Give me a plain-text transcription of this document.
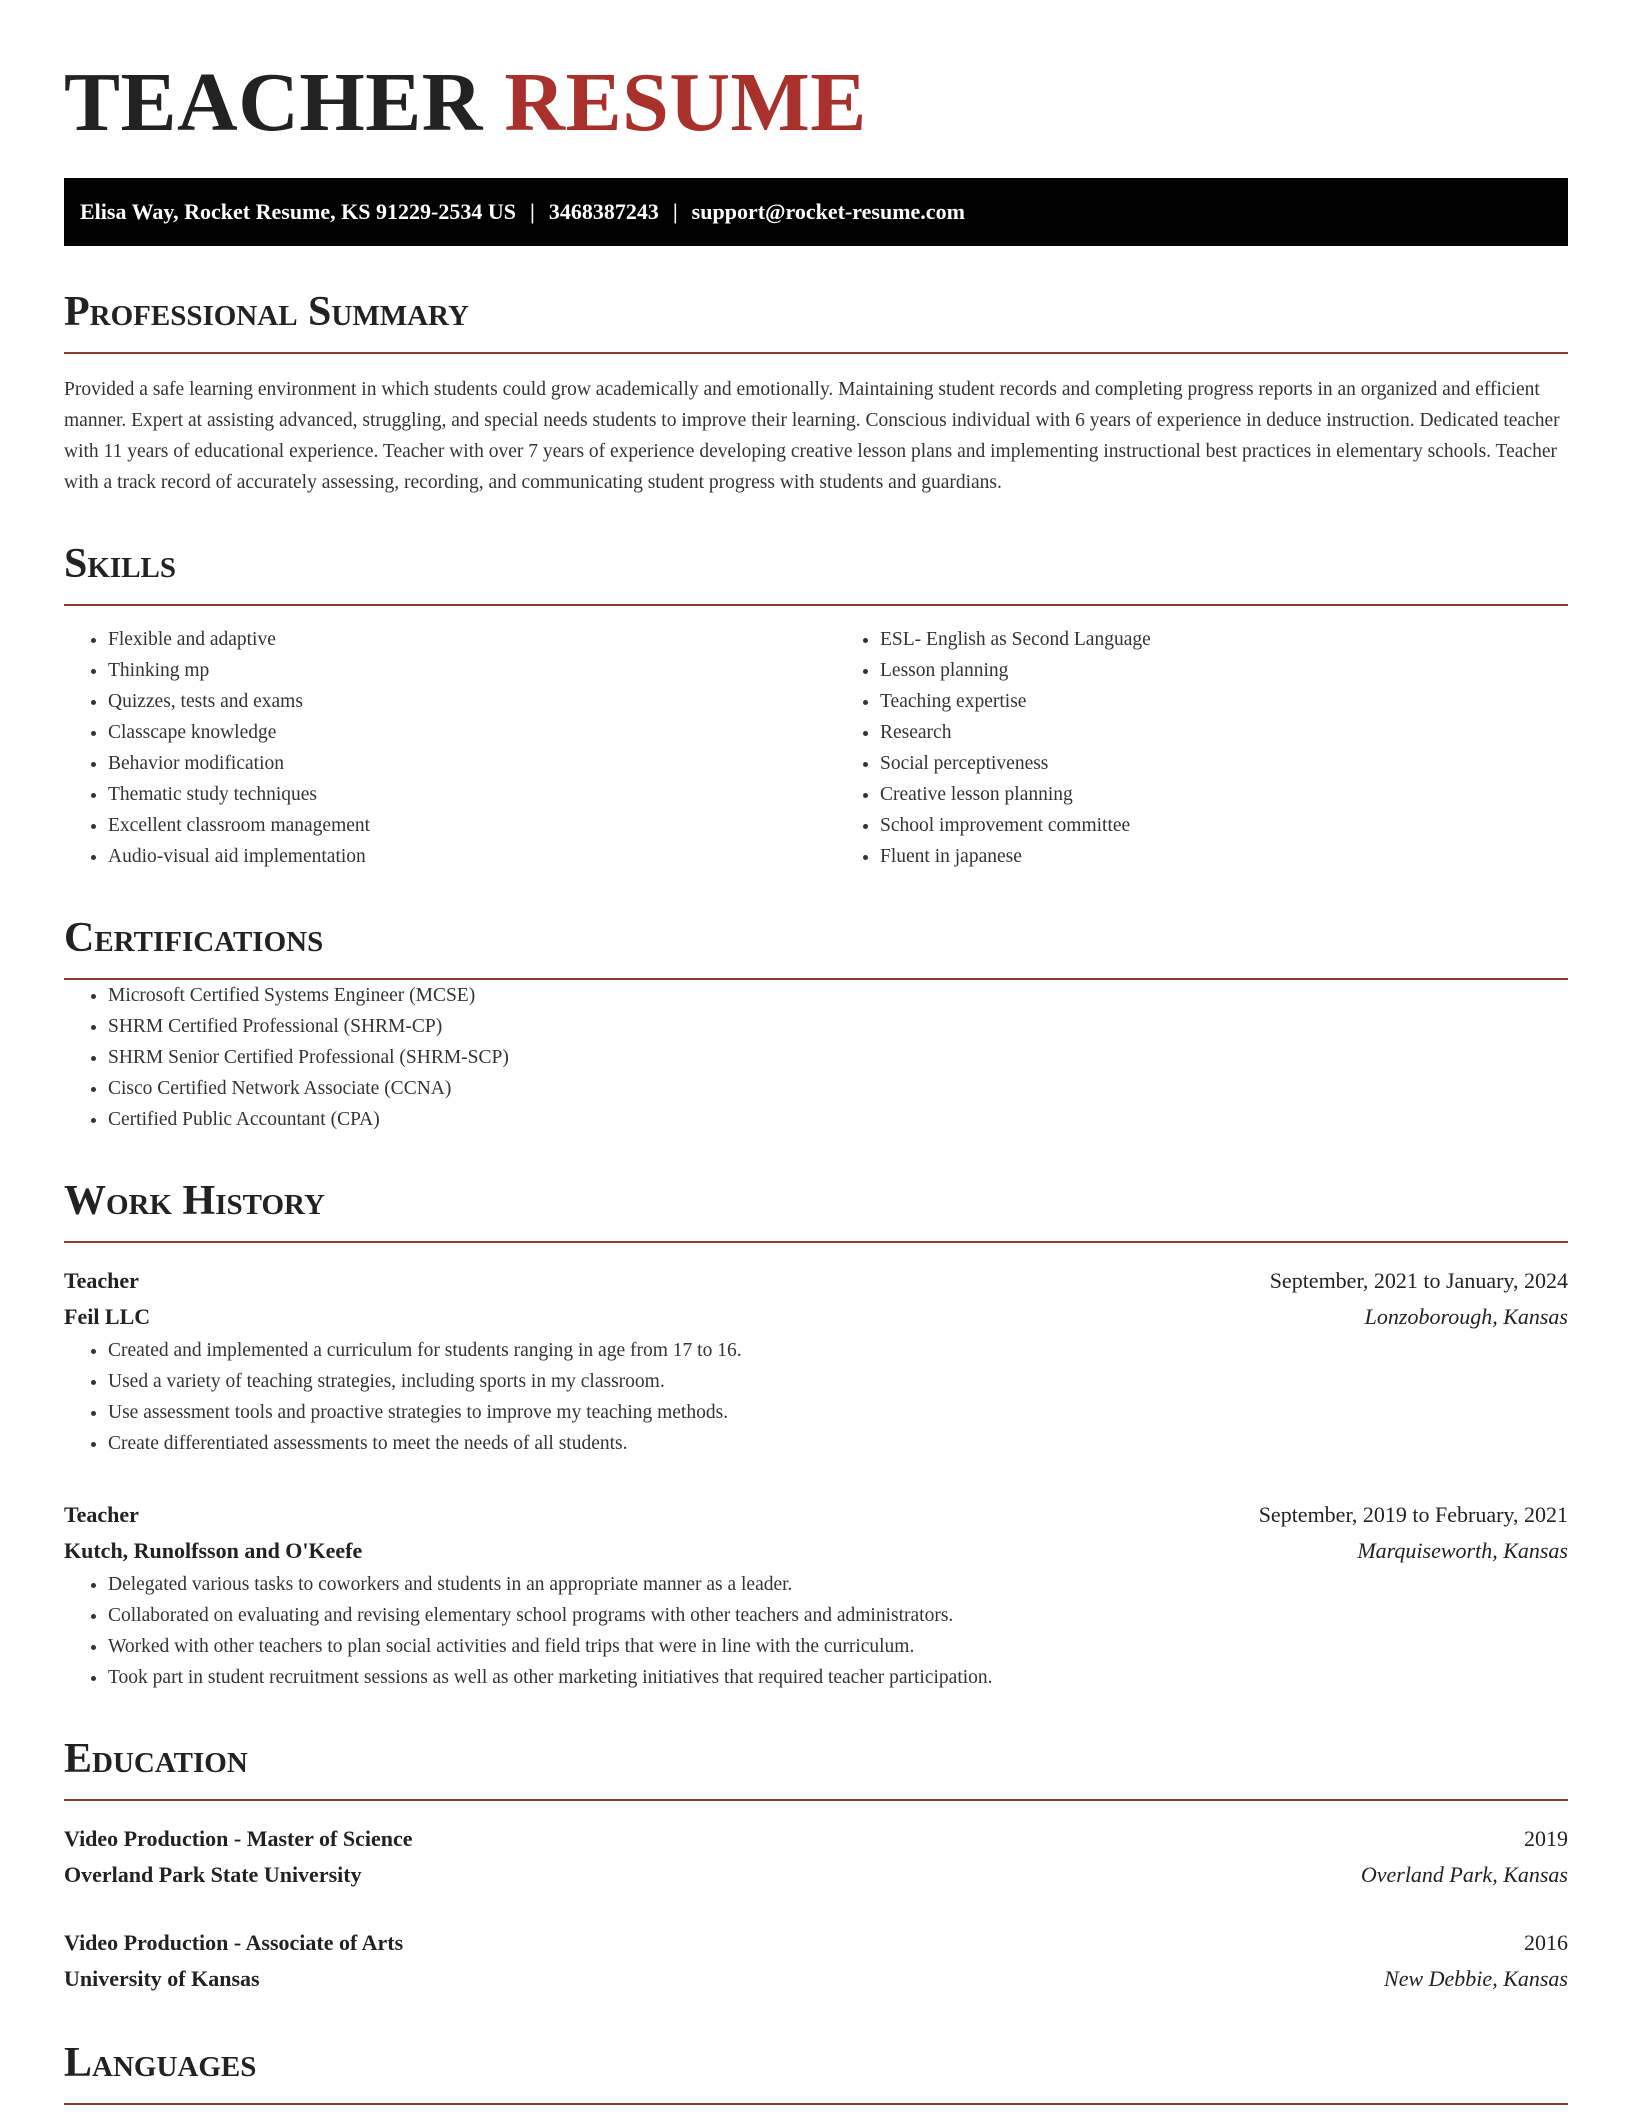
TEACHER RESUME
Elisa Way, Rocket Resume, KS 91229-2534 US | 3468387243 | support@rocket-resume.com
Professional Summary

Provided a safe learning environment in which students could grow academically and emotionally. Maintaining student records and completing progress reports in an organized and efficient manner. Expert at assisting advanced, struggling, and special needs students to improve their learning. Conscious individual with 6 years of experience in deduce instruction. Dedicated teacher with 11 years of educational experience. Teacher with over 7 years of experience developing creative lesson plans and implementing instructional best practices in elementary schools. Teacher with a track record of accurately assessing, recording, and communicating student progress with students and guardians.

Skills
• Flexible and adaptive
• Thinking mp
• Quizzes, tests and exams
• Classcape knowledge
• Behavior modification
• Thematic study techniques
• Excellent classroom management
• Audio-visual aid implementation
• ESL- English as Second Language
• Lesson planning
• Teaching expertise
• Research
• Social perceptiveness
• Creative lesson planning
• School improvement committee
• Fluent in japanese
Certifications
• Microsoft Certified Systems Engineer (MCSE)
• SHRM Certified Professional (SHRM-CP)
• SHRM Senior Certified Professional (SHRM-SCP)
• Cisco Certified Network Associate (CCNA)
• Certified Public Accountant (CPA)
Work History
Teacher	September, 2021 to January, 2024
Feil LLC	Lonzoborough, Kansas
• Created and implemented a curriculum for students ranging in age from 17 to 16.
• Used a variety of teaching strategies, including sports in my classroom.
• Use assessment tools and proactive strategies to improve my teaching methods.
• Create differentiated assessments to meet the needs of all students.
Teacher	September, 2019 to February, 2021
Kutch, Runolfsson and O'Keefe	Marquiseworth, Kansas
• Delegated various tasks to coworkers and students in an appropriate manner as a leader.
• Collaborated on evaluating and revising elementary school programs with other teachers and administrators.
• Worked with other teachers to plan social activities and field trips that were in line with the curriculum.
• Took part in student recruitment sessions as well as other marketing initiatives that required teacher participation.
Education
Video Production - Master of Science	2019
Overland Park State University	Overland Park, Kansas
Video Production - Associate of Arts	2016
University of Kansas	New Debbie, Kansas
Languages
